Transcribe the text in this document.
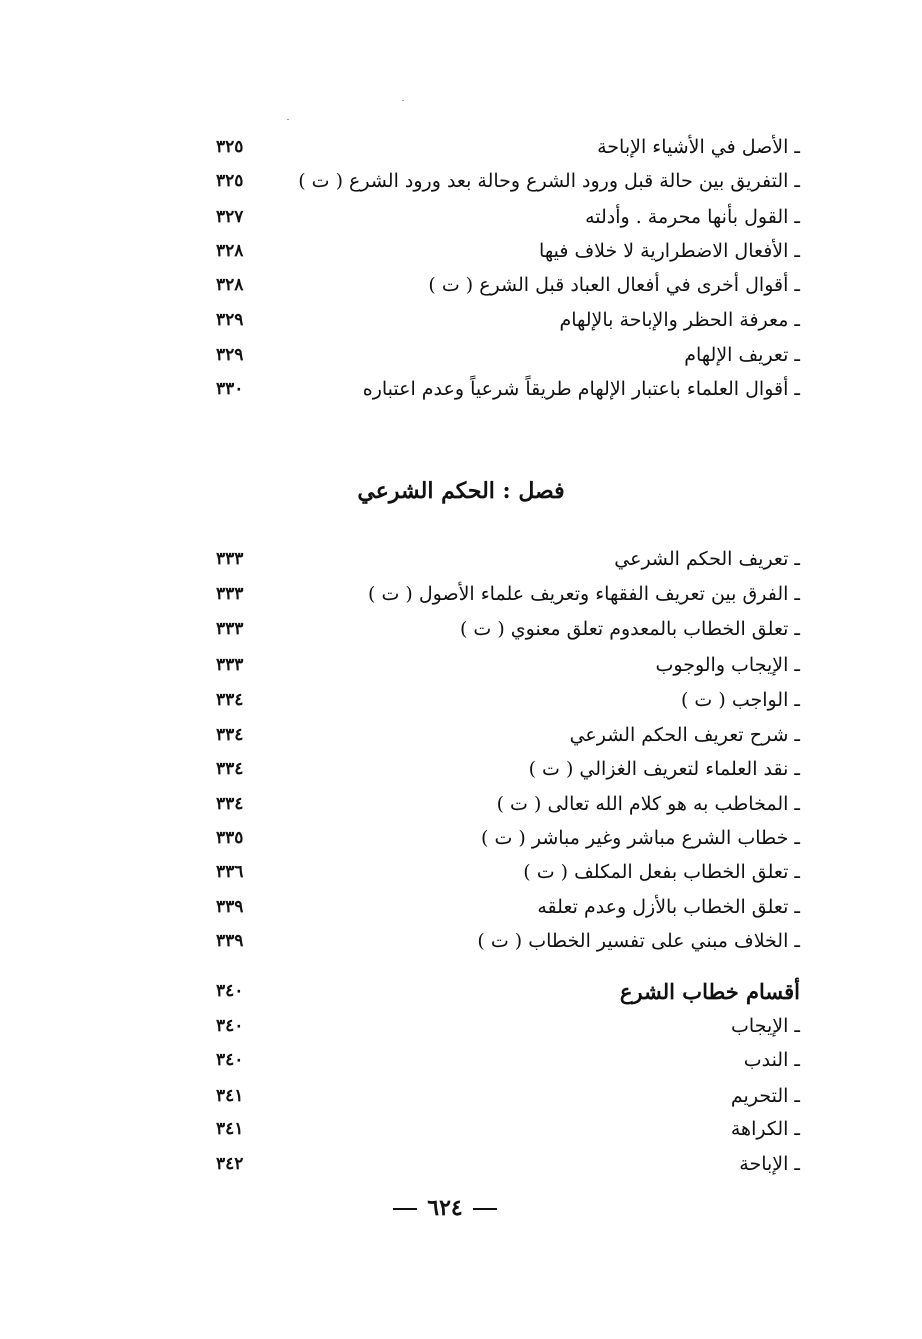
ـ الأصل في الأشياء الإباحة
٣٢٥
ـ التفريق بين حالة قبل ورود الشرع وحالة بعد ورود الشرع ( ت )
٣٢٥
ـ القول بأنها محرمة . وأدلته
٣٢٧
ـ الأفعال الاضطرارية لا خلاف فيها
٣٢٨
ـ أقوال أخرى في أفعال العباد قبل الشرع ( ت )
٣٢٨
ـ معرفة الحظر والإباحة بالإلهام
٣٢٩
ـ تعريف الإلهام
٣٢٩
ـ أقوال العلماء باعتبار الإلهام طريقاً شرعياً وعدم اعتباره
٣٣٠
فصل : الحكم الشرعي
ـ تعريف الحكم الشرعي
٣٣٣
ـ الفرق بين تعريف الفقهاء وتعريف علماء الأصول ( ت )
٣٣٣
ـ تعلق الخطاب بالمعدوم تعلق معنوي ( ت )
٣٣٣
ـ الإيجاب والوجوب
٣٣٣
ـ الواجب ( ت )
٣٣٤
ـ شرح تعريف الحكم الشرعي
٣٣٤
ـ نقد العلماء لتعريف الغزالي ( ت )
٣٣٤
ـ المخاطب به هو كلام الله تعالى ( ت )
٣٣٤
ـ خطاب الشرع مباشر وغير مباشر ( ت )
٣٣٥
ـ تعلق الخطاب بفعل المكلف ( ت )
٣٣٦
ـ تعلق الخطاب بالأزل وعدم تعلقه
٣٣٩
ـ الخلاف مبني على تفسير الخطاب ( ت )
٣٣٩
أقسام خطاب الشرع
٣٤٠
ـ الإيجاب
٣٤٠
ـ الندب
٣٤٠
ـ التحريم
٣٤١
ـ الكراهة
٣٤١
ـ الإباحة
٣٤٢
٦٢٤
